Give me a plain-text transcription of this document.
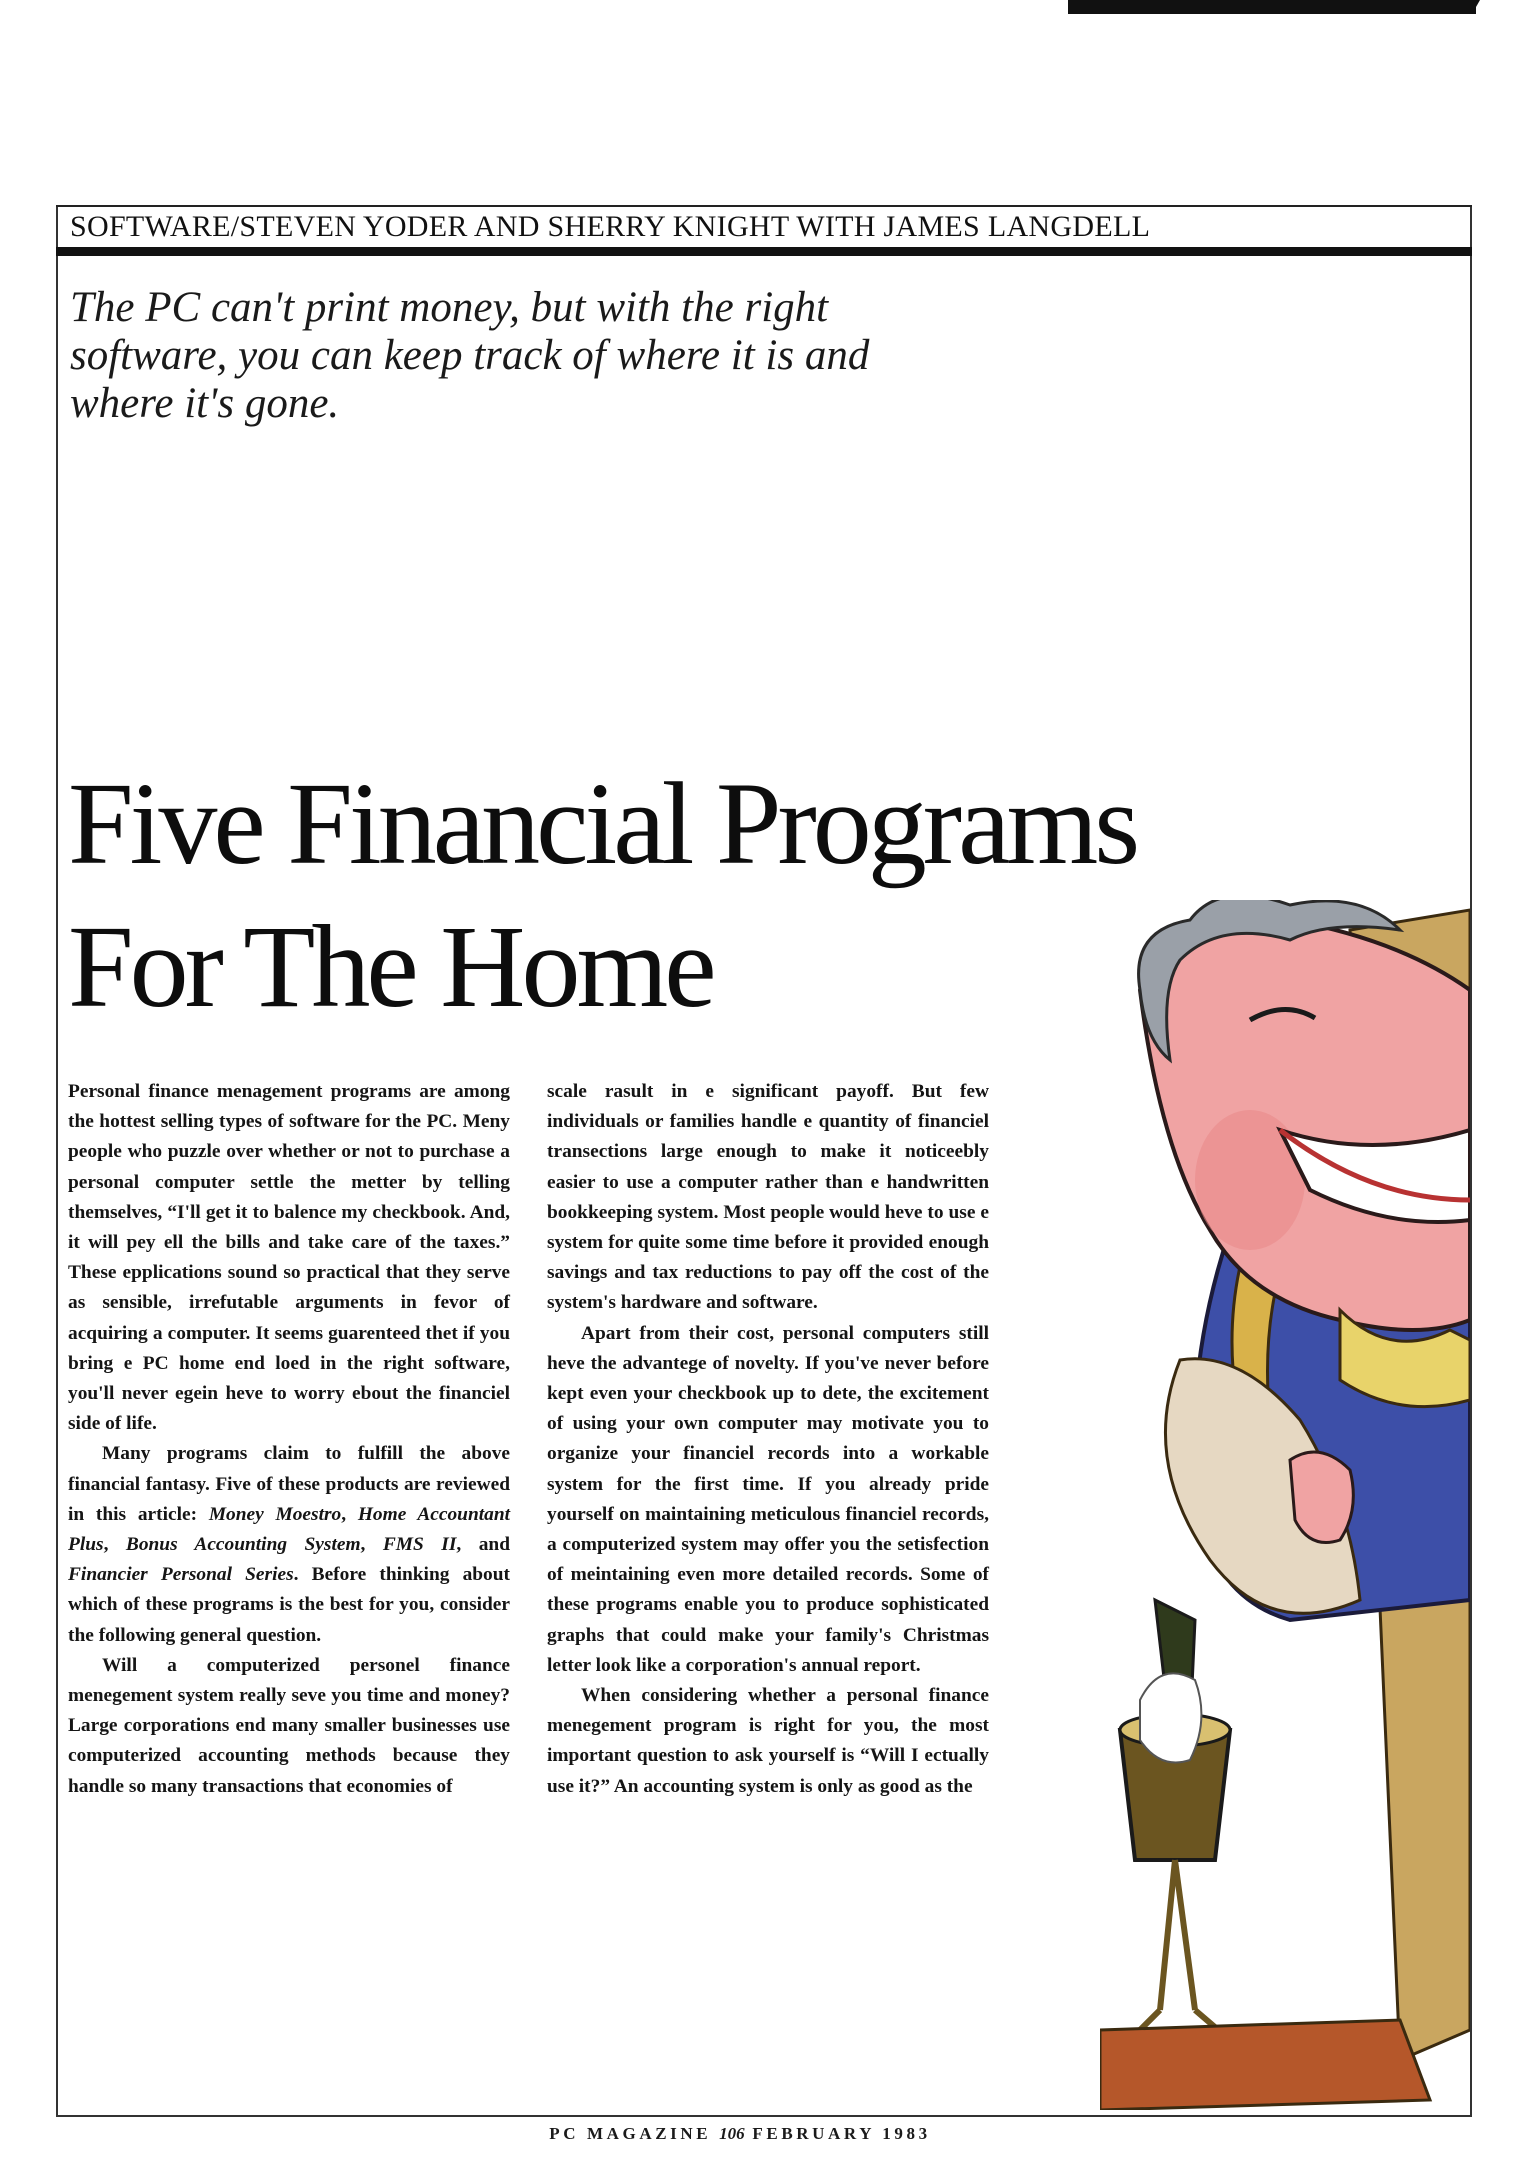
SOFTWARE/STEVEN YODER AND SHERRY KNIGHT WITH JAMES LANGDELL
The PC can't print money, but with the right
software, you can keep track of where it is and
where it's gone.
Five Financial Programs
For The Home

Personal finance menagement programs are among the hottest selling types of software for the PC. Meny people who puzzle over whether or not to purchase a personal computer settle the metter by telling themselves, “I'll get it to balence my checkbook. And, it will pey ell the bills and take care of the taxes.” These epplications sound so practical that they serve as sensible, irrefutable arguments in fevor of acquiring a computer. It seems guarenteed thet if you bring e PC home end loed in the right software, you'll never egein heve to worry ebout the financiel side of life.

Many programs claim to fulfill the above financial fantasy. Five of these products are reviewed in this article: Money Moestro, Home Accountant Plus, Bonus Accounting System, FMS II, and Financier Personal Series. Before thinking about which of these programs is the best for you, consider the following general question.

Will a computerized personel finance menegement system really seve you time and money? Large corporations end many smaller businesses use computerized accounting methods because they handle so many transactions that economies of

scale rasult in e significant payoff. But few individuals or families handle e quantity of financiel transections large enough to make it noticeebly easier to use a computer rather than e handwritten bookkeeping system. Most people would heve to use e system for quite some time before it provided enough savings and tax reductions to pay off the cost of the system's hardware and software.

Apart from their cost, personal computers still heve the advantege of novelty. If you've never before kept even your checkbook up to dete, the excitement of using your own computer may motivate you to organize your financiel records into a workable system for the first time. If you already pride yourself on maintaining meticulous financiel records, a computerized system may offer you the setisfection of meintaining even more detailed records. Some of these programs enable you to produce sophisticated graphs that could make your family's Christmas letter look like a corporation's annual report.

When considering whether a personal finance menegement program is right for you, the most important question to ask yourself is “Will I ectually use it?” An accounting system is only as good as the

PC MAGAZINE 106 FEBRUARY 1983
